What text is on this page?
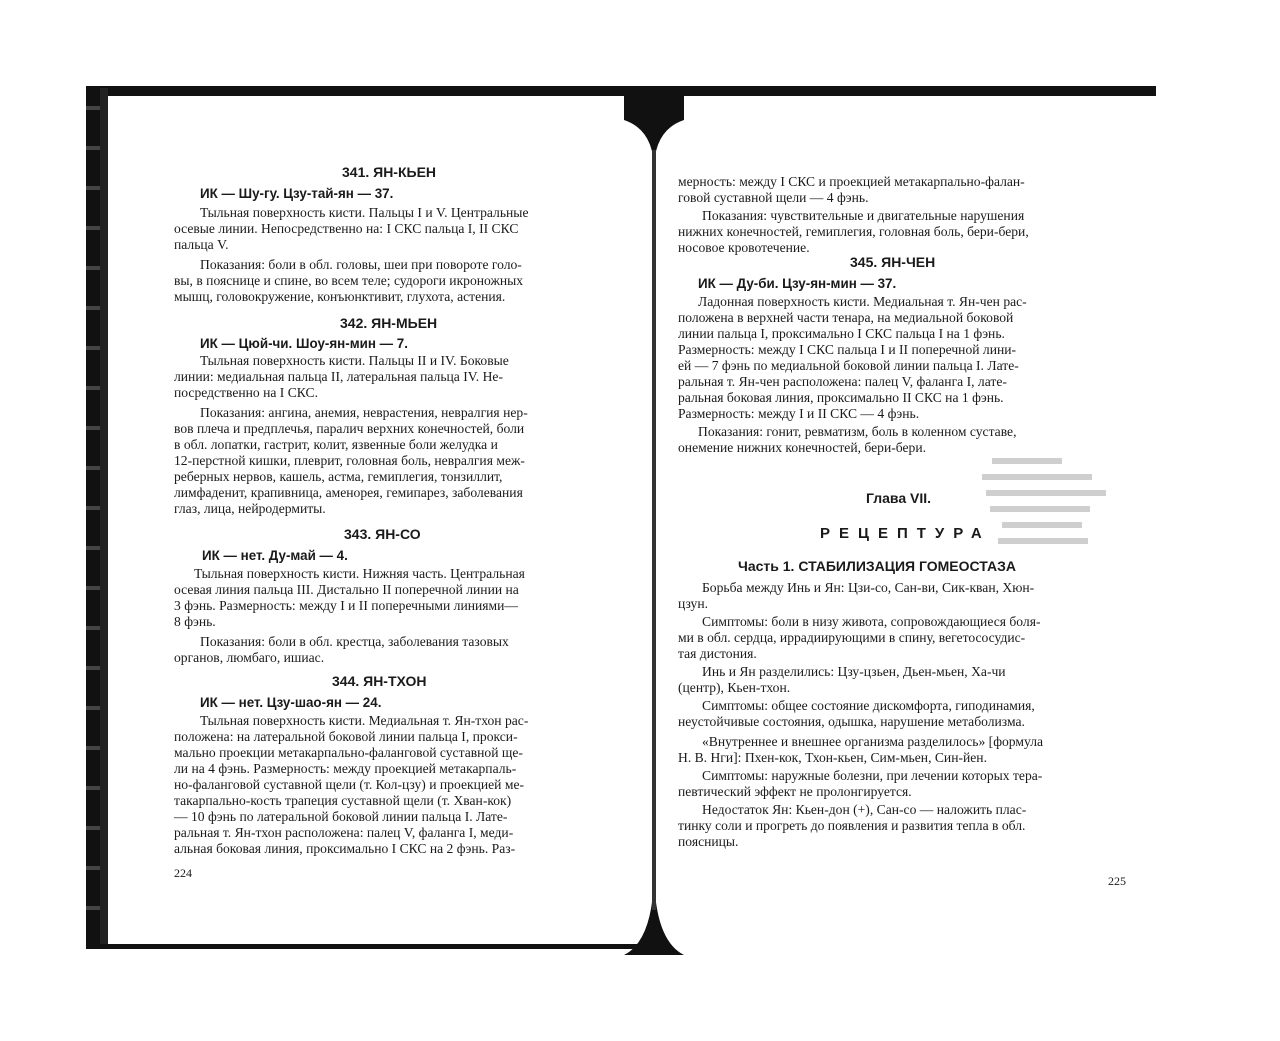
341. ЯН-КЬЕН
ИК — Шу-гу. Цзу-тай-ян — 37.
Тыльная поверхность кисти. Пальцы I и V. Центральные
осевые линии. Непосредственно на: I СКС пальца I, II СКС
пальца V.
Показания: боли в обл. головы, шеи при повороте голо-
вы, в пояснице и спине, во всем теле; судороги икроножных
мышц, головокружение, конъюнктивит, глухота, астения.
342. ЯН-МЬЕН
ИК — Цюй-чи. Шоу-ян-мин — 7.
Тыльная поверхность кисти. Пальцы II и IV. Боковые
линии: медиальная пальца II, латеральная пальца IV. Не-
посредственно на I СКС.
Показания: ангина, анемия, неврастения, невралгия нер-
вов плеча и предплечья, паралич верхних конечностей, боли
в обл. лопатки, гастрит, колит, язвенные боли желудка и
12-перстной кишки, плеврит, головная боль, невралгия меж-
реберных нервов, кашель, астма, гемиплегия, тонзиллит,
лимфаденит, крапивница, аменорея, гемипарез, заболевания
глаз, лица, нейродермиты.
343. ЯН-СО
ИК — нет. Ду-май — 4.
Тыльная поверхность кисти. Нижняя часть. Центральная
осевая линия пальца III. Дистально II поперечной линии на
3 фэнь. Размерность: между I и II поперечными линиями—
8 фэнь.
Показания: боли в обл. крестца, заболевания тазовых
органов, люмбаго, ишиас.
344. ЯН-ТХОН
ИК — нет. Цзу-шао-ян — 24.
Тыльная поверхность кисти. Медиальная т. Ян-тхон рас-
положена: на латеральной боковой линии пальца I, прокси-
мально проекции метакарпально-фаланговой суставной ще-
ли на 4 фэнь. Размерность: между проекцией метакарпаль-
но-фаланговой суставной щели (т. Кол-цзу) и проекцией ме-
такарпально-кость трапеция суставной щели (т. Хван-кок)
— 10 фэнь по латеральной боковой линии пальца I. Лате-
ральная т. Ян-тхон расположена: палец V, фаланга I, меди-
альная боковая линия, проксимально I СКС на 2 фэнь. Раз-
224
мерность: между I СКС и проекцией метакарпально-фалан-
говой суставной щели — 4 фэнь.
Показания: чувствительные и двигательные нарушения
нижних конечностей, гемиплегия, головная боль, бери-бери,
носовое кровотечение.
345. ЯН-ЧЕН
ИК — Ду-би. Цзу-ян-мин — 37.
Ладонная поверхность кисти. Медиальная т. Ян-чен рас-
положена в верхней части тенара, на медиальной боковой
линии пальца I, проксимально I СКС пальца I на 1 фэнь.
Размерность: между I СКС пальца I и II поперечной лини-
ей — 7 фэнь по медиальной боковой линии пальца I. Лате-
ральная т. Ян-чен расположена: палец V, фаланга I, лате-
ральная боковая линия, проксимально II СКС на 1 фэнь.
Размерность: между I и II СКС — 4 фэнь.
Показания: гонит, ревматизм, боль в коленном суставе,
онемение нижних конечностей, бери-бери.
Борьба между Инь и Ян: Цзи-со, Сан-ви, Сик-кван, Хюн-
цзун.
Симптомы: боли в низу живота, сопровождающиеся боля-
ми в обл. сердца, иррадиирующими в спину, вегетососудис-
тая дистония.
Инь и Ян разделились: Цзу-цзьен, Дьен-мьен, Ха-чи
(центр), Кьен-тхон.
Симптомы: общее состояние дискомфорта, гиподинамия,
неустойчивые состояния, одышка, нарушение метаболизма.
«Внутреннее и внешнее организма разделилось» [формула
Н. В. Нги]: Пхен-кок, Тхон-кьен, Сим-мьен, Син-йен.
Симптомы: наружные болезни, при лечении которых тера-
певтический эффект не пролонгируется.
Недостаток Ян: Кьен-дон (+), Сан-со — наложить плас-
тинку соли и прогреть до появления и развития тепла в обл.
поясницы.
Глава VII.
РЕЦЕПТУРА
Часть 1. СТАБИЛИЗАЦИЯ ГОМЕОСТАЗА
225
